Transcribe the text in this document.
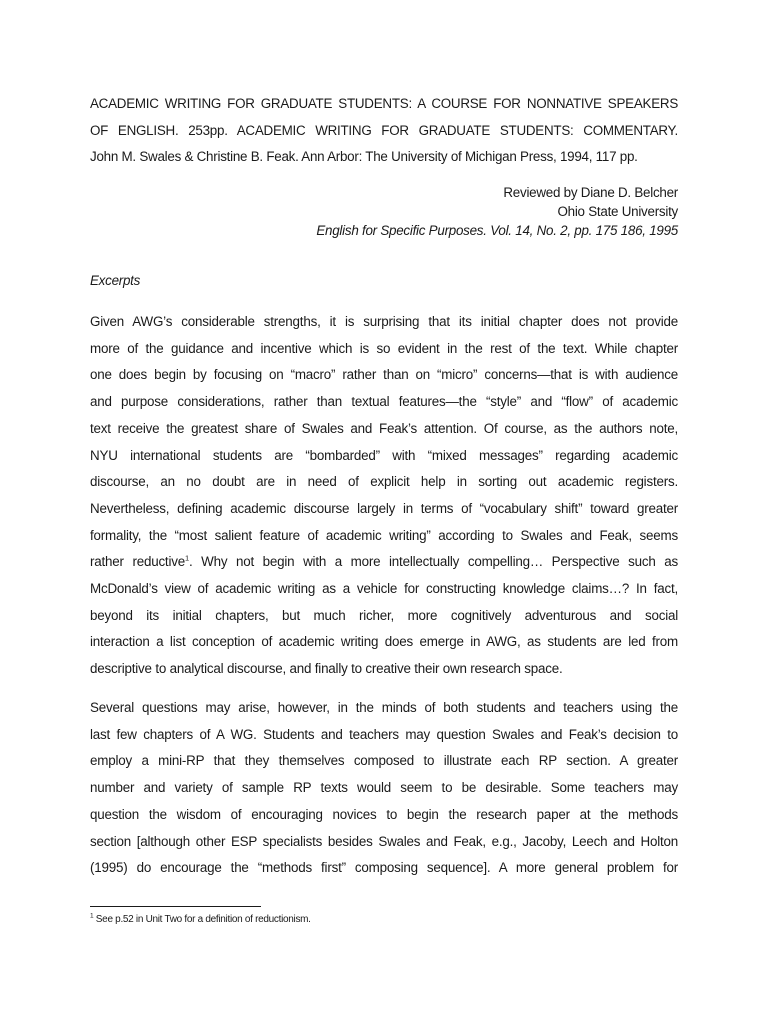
ACADEMIC WRITING FOR GRADUATE STUDENTS: A COURSE FOR NONNATIVE SPEAKERS
OF ENGLISH. 253pp. ACADEMIC WRITING FOR GRADUATE STUDENTS: COMMENTARY.
John M. Swales & Christine B. Feak. Ann Arbor: The University of Michigan Press, 1994, 117 pp.
Reviewed by Diane D. Belcher
Ohio State University
English for Specific Purposes. Vol. 14, No. 2, pp. 175 186, 1995

Excerpts

Given AWG’s considerable strengths, it is surprising that its initial chapter does not provide
more of the guidance and incentive which is so evident in the rest of the text. While chapter
one does begin by focusing on “macro” rather than on “micro” concerns—that is with audience
and purpose considerations, rather than textual features—the “style” and “flow” of academic
text receive the greatest share of Swales and Feak’s attention. Of course, as the authors note,
NYU international students are “bombarded” with “mixed messages” regarding academic
discourse, an no doubt are in need of explicit help in sorting out academic registers.
Nevertheless, defining academic discourse largely in terms of “vocabulary shift” toward greater
formality, the “most salient feature of academic writing” according to Swales and Feak, seems
rather reductive$^1$. Why not begin with a more intellectually compelling… Perspective such as
McDonald’s view of academic writing as a vehicle for constructing knowledge claims…? In fact,
beyond its initial chapters, but much richer, more cognitively adventurous and social
interaction a list conception of academic writing does emerge in AWG, as students are led from
descriptive to analytical discourse, and finally to creative their own research space.
Several questions may arise, however, in the minds of both students and teachers using the
last few chapters of A WG. Students and teachers may question Swales and Feak’s decision to
employ a mini-RP that they themselves composed to illustrate each RP section. A greater
number and variety of sample RP texts would seem to be desirable. Some teachers may
question the wisdom of encouraging novices to begin the research paper at the methods
section [although other ESP specialists besides Swales and Feak, e.g., Jacoby, Leech and Holton
(1995) do encourage the “methods first” composing sequence]. A more general problem for
$^1$ See p.52 in Unit Two for a definition of reductionism.
